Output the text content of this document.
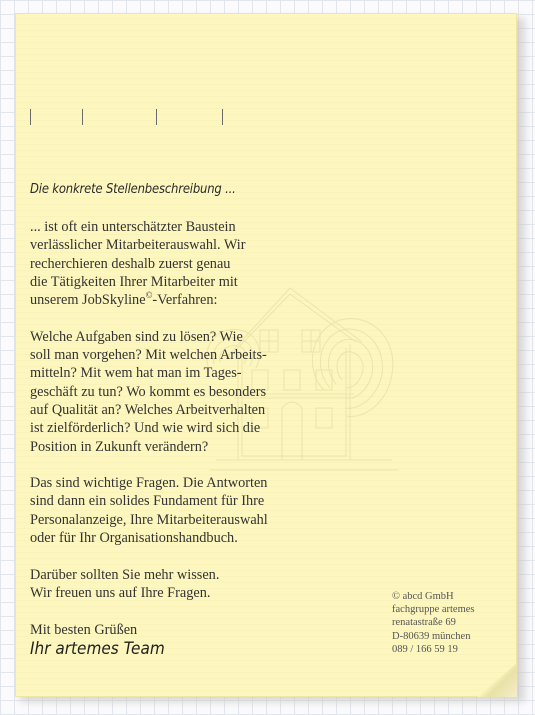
Die konkrete Stellenbeschreibung ...

... ist oft ein unterschätzter Baustein
verlässlicher Mitarbeiterauswahl. Wir
recherchieren deshalb zuerst genau
die Tätigkeiten Ihrer Mitarbeiter mit
unserem JobSkyline©-Verfahren:

Welche Aufgaben sind zu lösen? Wie
soll man vorgehen? Mit welchen Arbeits-
mitteln? Mit wem hat man im Tages-
geschäft zu tun? Wo kommt es besonders
auf Qualität an? Welches Arbeitverhalten
ist zielförderlich? Und wie wird sich die
Position in Zukunft verändern?

Das sind wichtige Fragen. Die Antworten
sind dann ein solides Fundament für Ihre
Personalanzeige, Ihre Mitarbeiterauswahl
oder für Ihr Organisationshandbuch.

Darüber sollten Sie mehr wissen.
Wir freuen uns auf Ihre Fragen.

Mit besten Grüßen

Ihr artemes Team

© abcd GmbH
fachgruppe artemes
renatastraße 69
D-80639 münchen
089 / 166 59 19
